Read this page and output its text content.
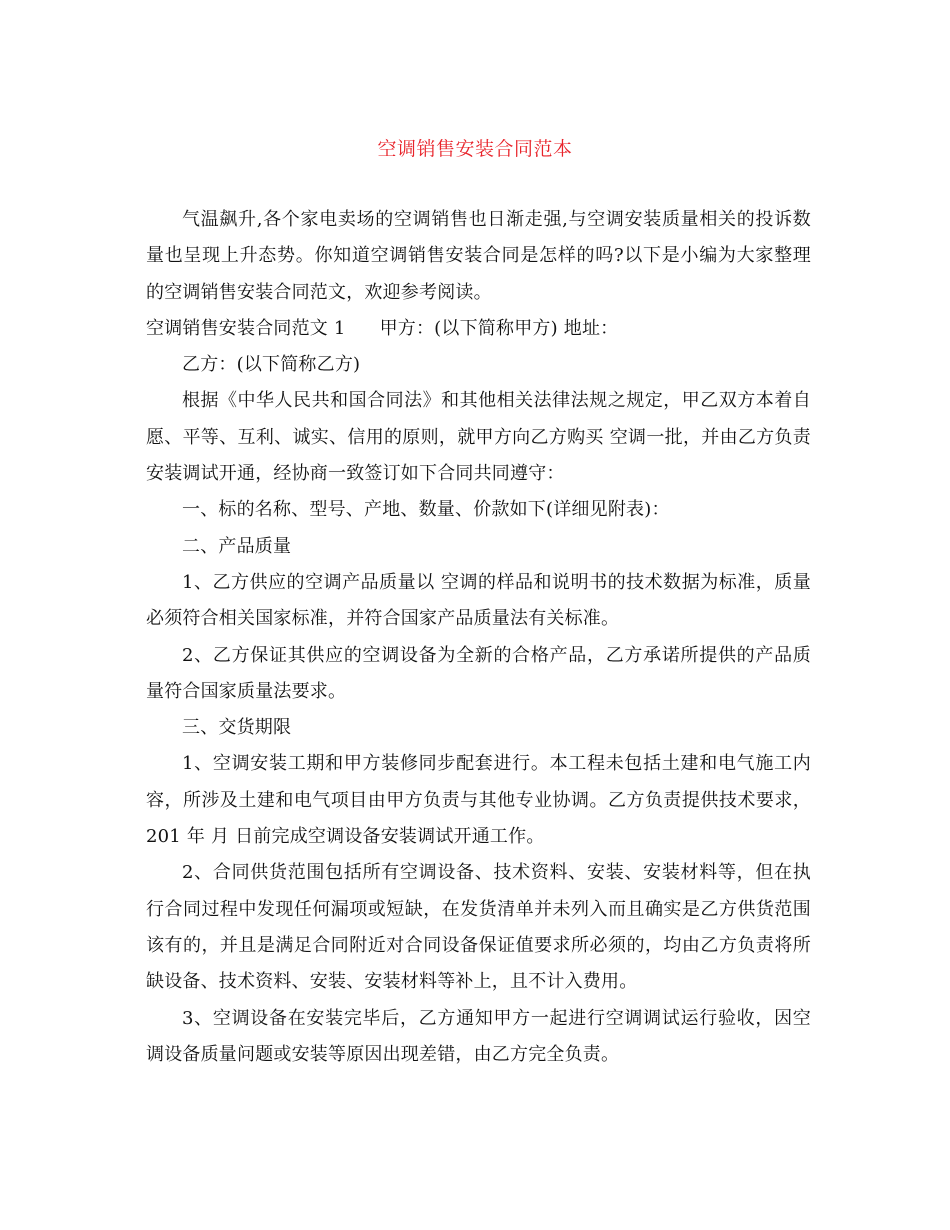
空调销售安装合同范本

气温飙升,各个家电卖场的空调销售也日渐走强,与空调安装质量相关的投诉数量也呈现上升态势。你知道空调销售安装合同是怎样的吗?以下是小编为大家整理的空调销售安装合同范文，欢迎参考阅读。

空调销售安装合同范文 1 甲方：(以下简称甲方) 地址：

乙方：(以下简称乙方)

根据《中华人民共和国合同法》和其他相关法律法规之规定，甲乙双方本着自愿、平等、互利、诚实、信用的原则，就甲方向乙方购买 空调一批，并由乙方负责安装调试开通，经协商一致签订如下合同共同遵守：

一、标的名称、型号、产地、数量、价款如下(详细见附表)：

二、产品质量

1、乙方供应的空调产品质量以 空调的样品和说明书的技术数据为标准，质量必须符合相关国家标准，并符合国家产品质量法有关标准。

2、乙方保证其供应的空调设备为全新的合格产品，乙方承诺所提供的产品质量符合国家质量法要求。

三、交货期限

1、空调安装工期和甲方装修同步配套进行。本工程未包括土建和电气施工内容，所涉及土建和电气项目由甲方负责与其他专业协调。乙方负责提供技术要求，201 年 月 日前完成空调设备安装调试开通工作。

2、合同供货范围包括所有空调设备、技术资料、安装、安装材料等，但在执行合同过程中发现任何漏项或短缺，在发货清单并未列入而且确实是乙方供货范围该有的，并且是满足合同附近对合同设备保证值要求所必须的，均由乙方负责将所缺设备、技术资料、安装、安装材料等补上，且不计入费用。

3、空调设备在安装完毕后，乙方通知甲方一起进行空调调试运行验收，因空调设备质量问题或安装等原因出现差错，由乙方完全负责。
